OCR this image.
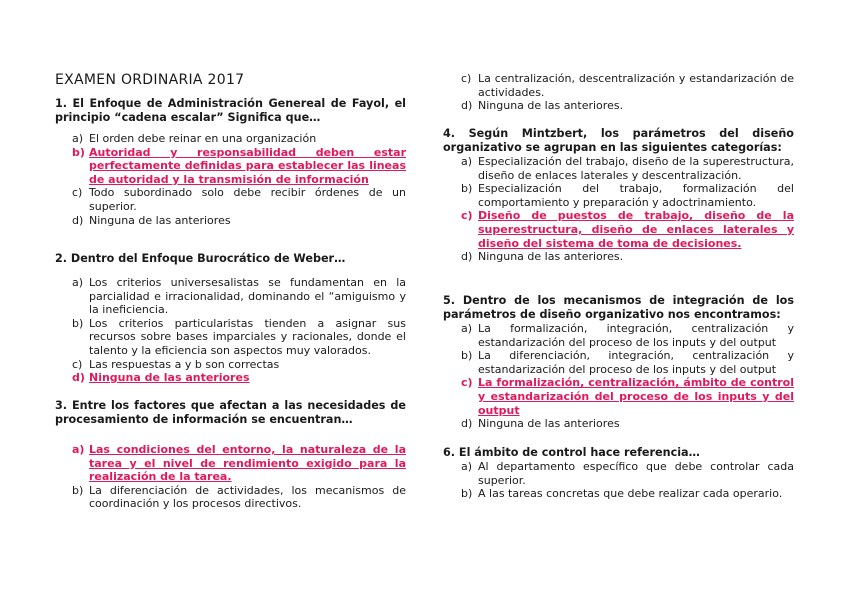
EXAMEN ORDINARIA 2017

1. El Enfoque de Administración Genereal de Fayol, el principio “cadena escalar” Significa que…

a) El orden debe reinar en una organización
b) Autoridad y responsabilidad deben estar perfectamente definidas para establecer las lineas de autoridad y la transmisión de información
c) Todo subordinado solo debe recibir órdenes de un superior.
d) Ninguna de las anteriores

2. Dentro del Enfoque Burocrático de Weber…

a) Los criterios universesalistas se fundamentan en la parcialidad e irracionalidad, dominando el “amiguismo y la ineficiencia.
b) Los criterios particularistas tienden a asignar sus recursos sobre bases imparciales y racionales, donde el talento y la eficiencia son aspectos muy valorados.
c) Las respuestas a y b son correctas
d) Ninguna de las anteriores

3. Entre los factores que afectan a las necesidades de procesamiento de información se encuentran…

a) Las condiciones del entorno, la naturaleza de la tarea y el nivel de rendimiento exigido para la realización de la tarea.
b) La diferenciación de actividades, los mecanismos de coordinación y los procesos directivos.
c) La centralización, descentralización y estandarización de actividades.
d) Ninguna de las anteriores.

4. Según Mintzbert, los parámetros del diseño organizativo se agrupan en las siguientes categorías:

a) Especialización del trabajo, diseño de la superestructura, diseño de enlaces laterales y descentralización.
b) Especialización del trabajo, formalización del comportamiento y preparación y adoctrinamiento.
c) Diseño de puestos de trabajo, diseño de la superestructura, diseño de enlaces laterales y diseño del sistema de toma de decisiones.
d) Ninguna de las anteriores.

5. Dentro de los mecanismos de integración de los parámetros de diseño organizativo nos encontramos:

a) La formalización, integración, centralización y estandarización del proceso de los inputs y del output
b) La diferenciación, integración, centralización y estandarización del proceso de los inputs y del output
c) La formalización, centralización, ámbito de control y estandarización del proceso de los inputs y del output
d) Ninguna de las anteriores

6. El ámbito de control hace referencia…

a) Al departamento específico que debe controlar cada superior.
b) A las tareas concretas que debe realizar cada operario.
